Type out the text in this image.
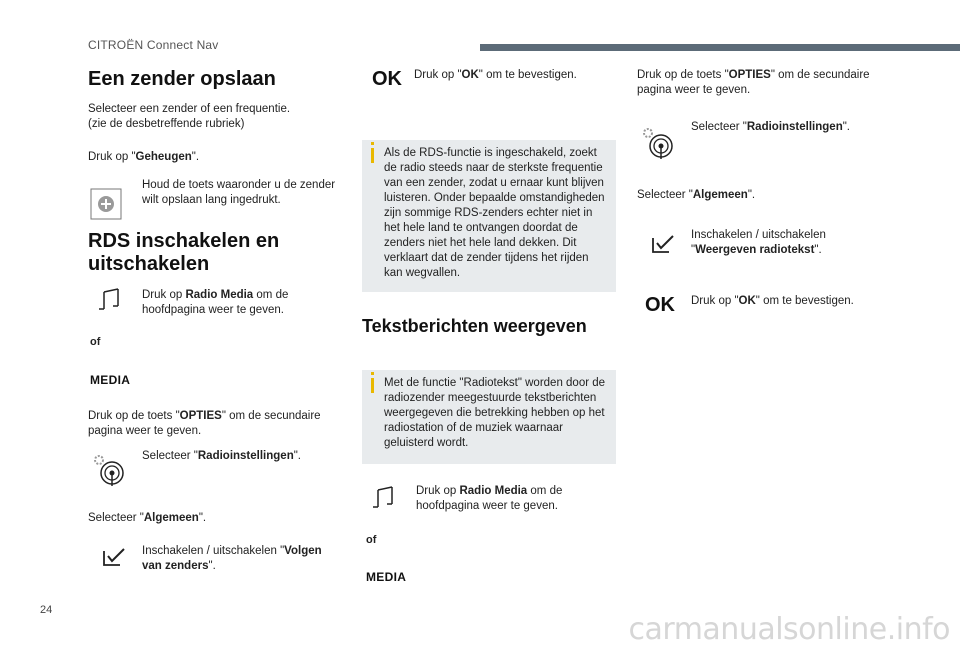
CITROËN Connect Nav
Een zender opslaan
Selecteer een zender of een frequentie.
(zie de desbetreffende rubriek)
Druk op "Geheugen".
Houd de toets waaronder u de zender wilt opslaan lang ingedrukt.
RDS inschakelen en uitschakelen
Druk op Radio Media om de hoofdpagina weer te geven.
of
MEDIA
Druk op de toets "OPTIES" om de secundaire pagina weer te geven.
Selecteer "Radioinstellingen".
Selecteer "Algemeen".
Inschakelen / uitschakelen "Volgen van zenders".
OK Druk op "OK" om te bevestigen.
Als de RDS-functie is ingeschakeld, zoekt de radio steeds naar de sterkste frequentie van een zender, zodat u ernaar kunt blijven luisteren. Onder bepaalde omstandigheden zijn sommige RDS-zenders echter niet in het hele land te ontvangen doordat de zenders niet het hele land dekken. Dit verklaart dat de zender tijdens het rijden kan wegvallen.
Tekstberichten weergeven
Met de functie "Radiotekst" worden door de radiozender meegestuurde tekstberichten weergegeven die betrekking hebben op het radiostation of de muziek waarnaar geluisterd wordt.
Druk op Radio Media om de hoofdpagina weer te geven.
of
MEDIA
Druk op de toets "OPTIES" om de secundaire pagina weer te geven.
Selecteer "Radioinstellingen".
Selecteer "Algemeen".
Inschakelen / uitschakelen
"Weergeven radiotekst".
OK Druk op "OK" om te bevestigen.
24
carmanualsonline.info
